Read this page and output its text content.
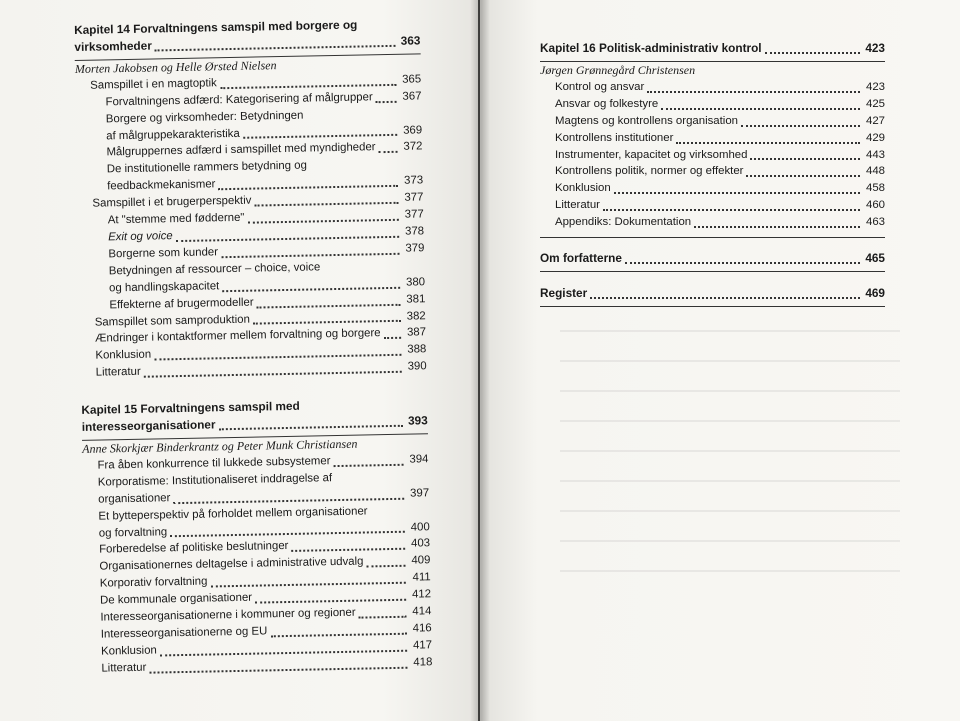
Kapitel 14 Forvaltningens samspil med borgere og
virksomheder	363
Morten Jakobsen og Helle Ørsted Nielsen
Samspillet i en magtoptik	365
Forvaltningens adfærd: Kategorisering af målgrupper	367
Borgere og virksomheder: Betydningen
af målgruppekarakteristika	369
Målgruppernes adfærd i samspillet med myndigheder 372
De institutionelle rammers betydning og
feedbackmekanismer	373
Samspillet i et brugerperspektiv	377
At "stemme med fødderne"	377
Exit og voice	378
Borgerne som kunder	379
Betydningen af ressourcer – choice, voice
og handlingskapacitet	380
Effekterne af brugermodeller	381
Samspillet som samproduktion	382
Ændringer i kontaktformer mellem forvaltning og borgere 387
Konklusion	388
Litteratur	390
Kapitel 15 Forvaltningens samspil med
interesseorganisationer	393
Anne Skorkjær Binderkrantz og Peter Munk Christiansen
Fra åben konkurrence til lukkede subsystemer	394
Korporatisme: Institutionaliseret inddragelse af
organisationer	397
Et bytteperspektiv på forholdet mellem organisationer
og forvaltning	400
Forberedelse af politiske beslutninger	403
Organisationernes deltagelse i administrative udvalg	409
Korporativ forvaltning	411
De kommunale organisationer	412
Interesseorganisationerne i kommuner og regioner	414
Interesseorganisationerne og EU	416
Konklusion	417
Litteratur	418
Kapitel 16 Politisk-administrativ kontrol	423
Jørgen Grønnegård Christensen
Kontrol og ansvar	423
Ansvar og folkestyre	425
Magtens og kontrollens organisation	427
Kontrollens institutioner	429
Instrumenter, kapacitet og virksomhed	443
Kontrollens politik, normer og effekter	448
Konklusion	458
Litteratur	460
Appendiks: Dokumentation	463
Om forfatterne	465
Register	469
